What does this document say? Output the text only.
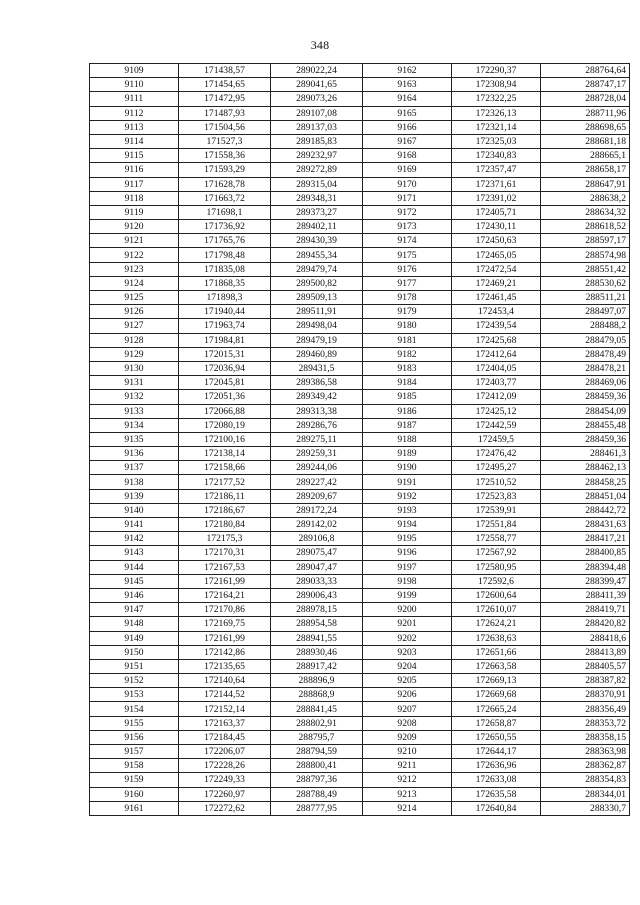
348
9109	171438,57	289022,24	9162	172290,37	288764,64
9110	171454,65	289041,65	9163	172308,94	288747,17
9111	171472,95	289073,26	9164	172322,25	288728,04
9112	171487,93	289107,08	9165	172326,13	288711,96
9113	171504,56	289137,03	9166	172321,14	288698,65
9114	171527,3	289185,83	9167	172325,03	288681,18
9115	171558,36	289232,97	9168	172340,83	288665,1
9116	171593,29	289272,89	9169	172357,47	288658,17
9117	171628,78	289315,04	9170	172371,61	288647,91
9118	171663,72	289348,31	9171	172391,02	288638,2
9119	171698,1	289373,27	9172	172405,71	288634,32
9120	171736,92	289402,11	9173	172430,11	288618,52
9121	171765,76	289430,39	9174	172450,63	288597,17
9122	171798,48	289455,34	9175	172465,05	288574,98
9123	171835,08	289479,74	9176	172472,54	288551,42
9124	171868,35	289500,82	9177	172469,21	288530,62
9125	171898,3	289509,13	9178	172461,45	288511,21
9126	171940,44	289511,91	9179	172453,4	288497,07
9127	171963,74	289498,04	9180	172439,54	288488,2
9128	171984,81	289479,19	9181	172425,68	288479,05
9129	172015,31	289460,89	9182	172412,64	288478,49
9130	172036,94	289431,5	9183	172404,05	288478,21
9131	172045,81	289386,58	9184	172403,77	288469,06
9132	172051,36	289349,42	9185	172412,09	288459,36
9133	172066,88	289313,38	9186	172425,12	288454,09
9134	172080,19	289286,76	9187	172442,59	288455,48
9135	172100,16	289275,11	9188	172459,5	288459,36
9136	172138,14	289259,31	9189	172476,42	288461,3
9137	172158,66	289244,06	9190	172495,27	288462,13
9138	172177,52	289227,42	9191	172510,52	288458,25
9139	172186,11	289209,67	9192	172523,83	288451,04
9140	172186,67	289172,24	9193	172539,91	288442,72
9141	172180,84	289142,02	9194	172551,84	288431,63
9142	172175,3	289106,8	9195	172558,77	288417,21
9143	172170,31	289075,47	9196	172567,92	288400,85
9144	172167,53	289047,47	9197	172580,95	288394,48
9145	172161,99	289033,33	9198	172592,6	288399,47
9146	172164,21	289006,43	9199	172600,64	288411,39
9147	172170,86	288978,15	9200	172610,07	288419,71
9148	172169,75	288954,58	9201	172624,21	288420,82
9149	172161,99	288941,55	9202	172638,63	288418,6
9150	172142,86	288930,46	9203	172651,66	288413,89
9151	172135,65	288917,42	9204	172663,58	288405,57
9152	172140,64	288896,9	9205	172669,13	288387,82
9153	172144,52	288868,9	9206	172669,68	288370,91
9154	172152,14	288841,45	9207	172665,24	288356,49
9155	172163,37	288802,91	9208	172658,87	288353,72
9156	172184,45	288795,7	9209	172650,55	288358,15
9157	172206,07	288794,59	9210	172644,17	288363,98
9158	172228,26	288800,41	9211	172636,96	288362,87
9159	172249,33	288797,36	9212	172633,08	288354,83
9160	172260,97	288788,49	9213	172635,58	288344,01
9161	172272,62	288777,95	9214	172640,84	288330,7
